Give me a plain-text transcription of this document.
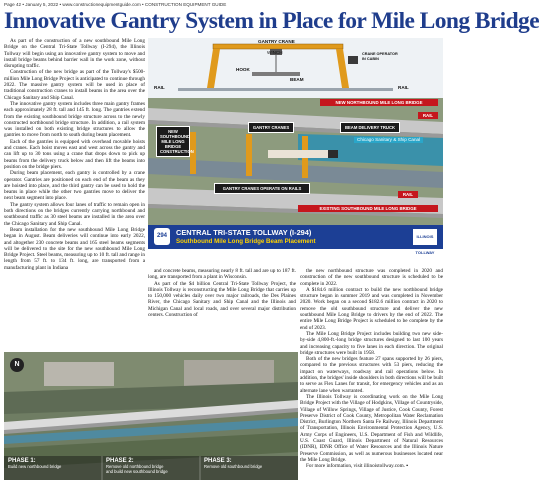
Page 42 • January 5, 2022 • www.constructionequipmentguide.com • CONSTRUCTION EQUIPMENT GUIDE
Innovative Gantry System in Place for Mile Long Bridge

As part of the construction of a new southbound Mile Long Bridge on the Central Tri-State Tollway (I-294), the Illinois Tollway will begin using an innovative gantry system to move and install bridge beams behind barrier wall in the work zone, without disrupting traffic.

Construction of the new bridge as part of the Tollway's $500-million Mile Long Bridge Project is anticipated to continue through 2022. The massive gantry system will be used in place of traditional construction cranes to install beams in the area over the Chicago Sanitary and Ship Canal.

The innovative gantry system includes three main gantry frames each approximately 28 ft. tall and 145 ft. long. The gantries extend from the existing southbound bridge structure across to the newly constructed northbound bridge structure. In addition, a rail system was installed on both existing bridge structures to allow the gantries to move from north to south during beam placement.

Each of the gantries is equipped with overhead movable hoists and cranes. Each hoist moves east and west across the gantry and can lift up to 30 tons using a crane that drops down to pick up beams from the delivery truck below and then lift the beams into position on the bridge piers.

During beam placement, each gantry is controlled by a crane operator. Gantries are positioned on each end of the beam as they are hoisted into place, and the third gantry can be used to hold the beams in place while the other two gantries move to deliver the next beam segment into place.

The gantry system allows four lanes of traffic to remain open in both directions on the bridges currently carrying northbound and southbound traffic as 30 steel beams are installed in the area over the Chicago Sanitary and Ship Canal.

Beam installation for the new southbound Mile Long Bridge began in August. Beam deliveries will continue into early 2022, and altogether 230 concrete beams and 165 steel beams segments will be delivered to the site for the new southbound Mile Long Bridge Project. Steel beams, measuring up to 10 ft. tall and range in length from 57 ft. to 134 ft. long, are transported from a manufacturing plant in Indiana

GANTRY CRANE
WINCH
HOOK
BEAM
RAIL	RAIL
CRANE OPERATOR
IN CABIN
NEW NORTHBOUND MILE LONG BRIDGE
RAIL
NEW
SOUTHBOUND
MILE LONG
BRIDGE
CONSTRUCTION
GANTRY CRANES	BEAM DELIVERY TRUCK
Chicago Sanitary & Ship Canal
RAIL
GANTRY CRANES OPERATE ON RAILS
EXISTING SOUTHBOUND MILE LONG BRIDGE
294	CENTRAL TRI-STATE TOLLWAY (I-294)
Southbound Mile Long Bridge Beam Placement
ILLINOIS TOLLWAY

and concrete beams, measuring nearly 8 ft. tall and are up to 187 ft. long, are transported from a plant in Wisconsin.

As part of the $4 billion Central Tri-State Tollway Project, the Illinois Tollway is reconstructing the Mile Long Bridge that carries up to 150,000 vehicles daily over two major railroads, the Des Plaines River, the Chicago Sanitary and Ship Canal and the Illinois and Michigan Canal and local roads, and over several major distribution centers. Construction of

the new northbound structure was completed in 2020 and construction of the new southbound structure is scheduled to be complete in 2022.

A $184.6 million contract to build the new northbound bridge structure began in summer 2019 and was completed in November 2020. Work began on a second $182.6 million contract in 2020 to remove the old southbound structure and deliver the new southbound Mile Long Bridge to drivers by the end of 2022. The entire Mile Long Bridge Project is scheduled to be complete by the end of 2023.

The Mile Long Bridge Project includes building two new side-by-side 4,800-ft.-long bridge structures designed to last 100 years and increasing capacity to five lanes in each direction. The original bridge structures were built in 1958.

Both of the new bridges feature 27 spans supported by 26 piers, compared to the previous structures with 53 piers, reducing the impact on waterways, roadway and rail operations below. In addition, the bridges' inside shoulders in both directions will be built to serve as Flex Lanes for transit, for emergency vehicles and as an alternate lane when warranted.

The Illinois Tollway is coordinating work on the Mile Long Bridge Project with the Village of Hodgkins, Village of Countryside, Village of Willow Springs, Village of Justice, Cook County, Forest Preserve District of Cook County, Metropolitan Water Reclamation District, Burlington Northern Santa Fe Railway, Illinois Department of Transportation, Illinois Environmental Protection Agency, U.S. Army Corps of Engineers, U.S. Department of Fish and Wildlife, U.S. Coast Guard, Illinois Department of Natural Resources (IDNR), IDNR Office of Water Resources and the Illinois Nature Preserve Commission, as well as numerous businesses located near the Mile Long Bridge.

For more information, visit illinoistollway.com. ▪

N
PHASE 1:
Build new northbound bridge
PHASE 2:
Remove old northbound bridge
and build new southbound bridge
PHASE 3:
Remove old southbound bridge
